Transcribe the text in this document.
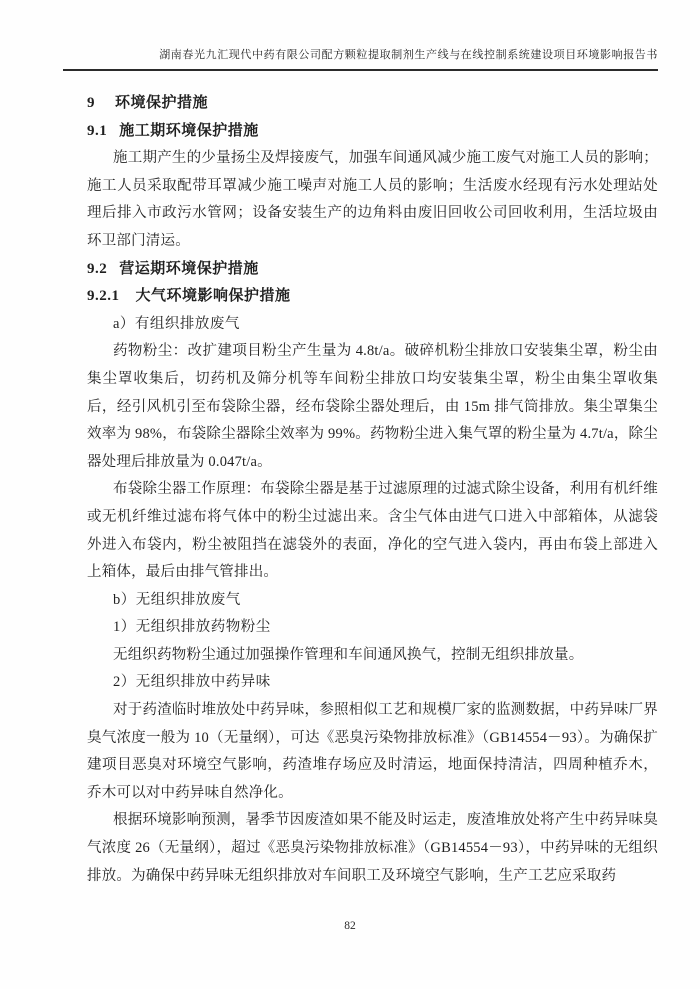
湖南春光九汇现代中药有限公司配方颗粒提取制剂生产线与在线控制系统建设项目环境影响报告书
9 环境保护措施
9.1 施工期环境保护措施

施工期产生的少量扬尘及焊接废气，加强车间通风减少施工废气对施工人员的影响；施工人员采取配带耳罩减少施工噪声对施工人员的影响；生活废水经现有污水处理站处理后排入市政污水管网；设备安装生产的边角料由废旧回收公司回收利用，生活垃圾由环卫部门清运。

9.2 营运期环境保护措施
9.2.1 大气环境影响保护措施
a）有组织排放废气

药物粉尘：改扩建项目粉尘产生量为 4.8t/a。破碎机粉尘排放口安装集尘罩，粉尘由集尘罩收集后，切药机及筛分机等车间粉尘排放口均安装集尘罩，粉尘由集尘罩收集后，经引风机引至布袋除尘器，经布袋除尘器处理后，由 15m 排气筒排放。集尘罩集尘效率为 98%，布袋除尘器除尘效率为 99%。药物粉尘进入集气罩的粉尘量为 4.7t/a，除尘器处理后排放量为 0.047t/a。

布袋除尘器工作原理：布袋除尘器是基于过滤原理的过滤式除尘设备，利用有机纤维或无机纤维过滤布将气体中的粉尘过滤出来。含尘气体由进气口进入中部箱体，从滤袋外进入布袋内，粉尘被阻挡在滤袋外的表面，净化的空气进入袋内，再由布袋上部进入上箱体，最后由排气管排出。

b）无组织排放废气
1）无组织排放药物粉尘

无组织药物粉尘通过加强操作管理和车间通风换气，控制无组织排放量。

2）无组织排放中药异味

对于药渣临时堆放处中药异味，参照相似工艺和规模厂家的监测数据，中药异味厂界臭气浓度一般为 10（无量纲），可达《恶臭污染物排放标准》（GB14554－93）。为确保扩建项目恶臭对环境空气影响，药渣堆存场应及时清运，地面保持清洁，四周种植乔木，乔木可以对中药异味自然净化。

根据环境影响预测，暑季节因废渣如果不能及时运走，废渣堆放处将产生中药异味臭气浓度 26（无量纲），超过《恶臭污染物排放标准》（GB14554－93），中药异味的无组织排放。为确保中药异味无组织排放对车间职工及环境空气影响，生产工艺应采取药

82
